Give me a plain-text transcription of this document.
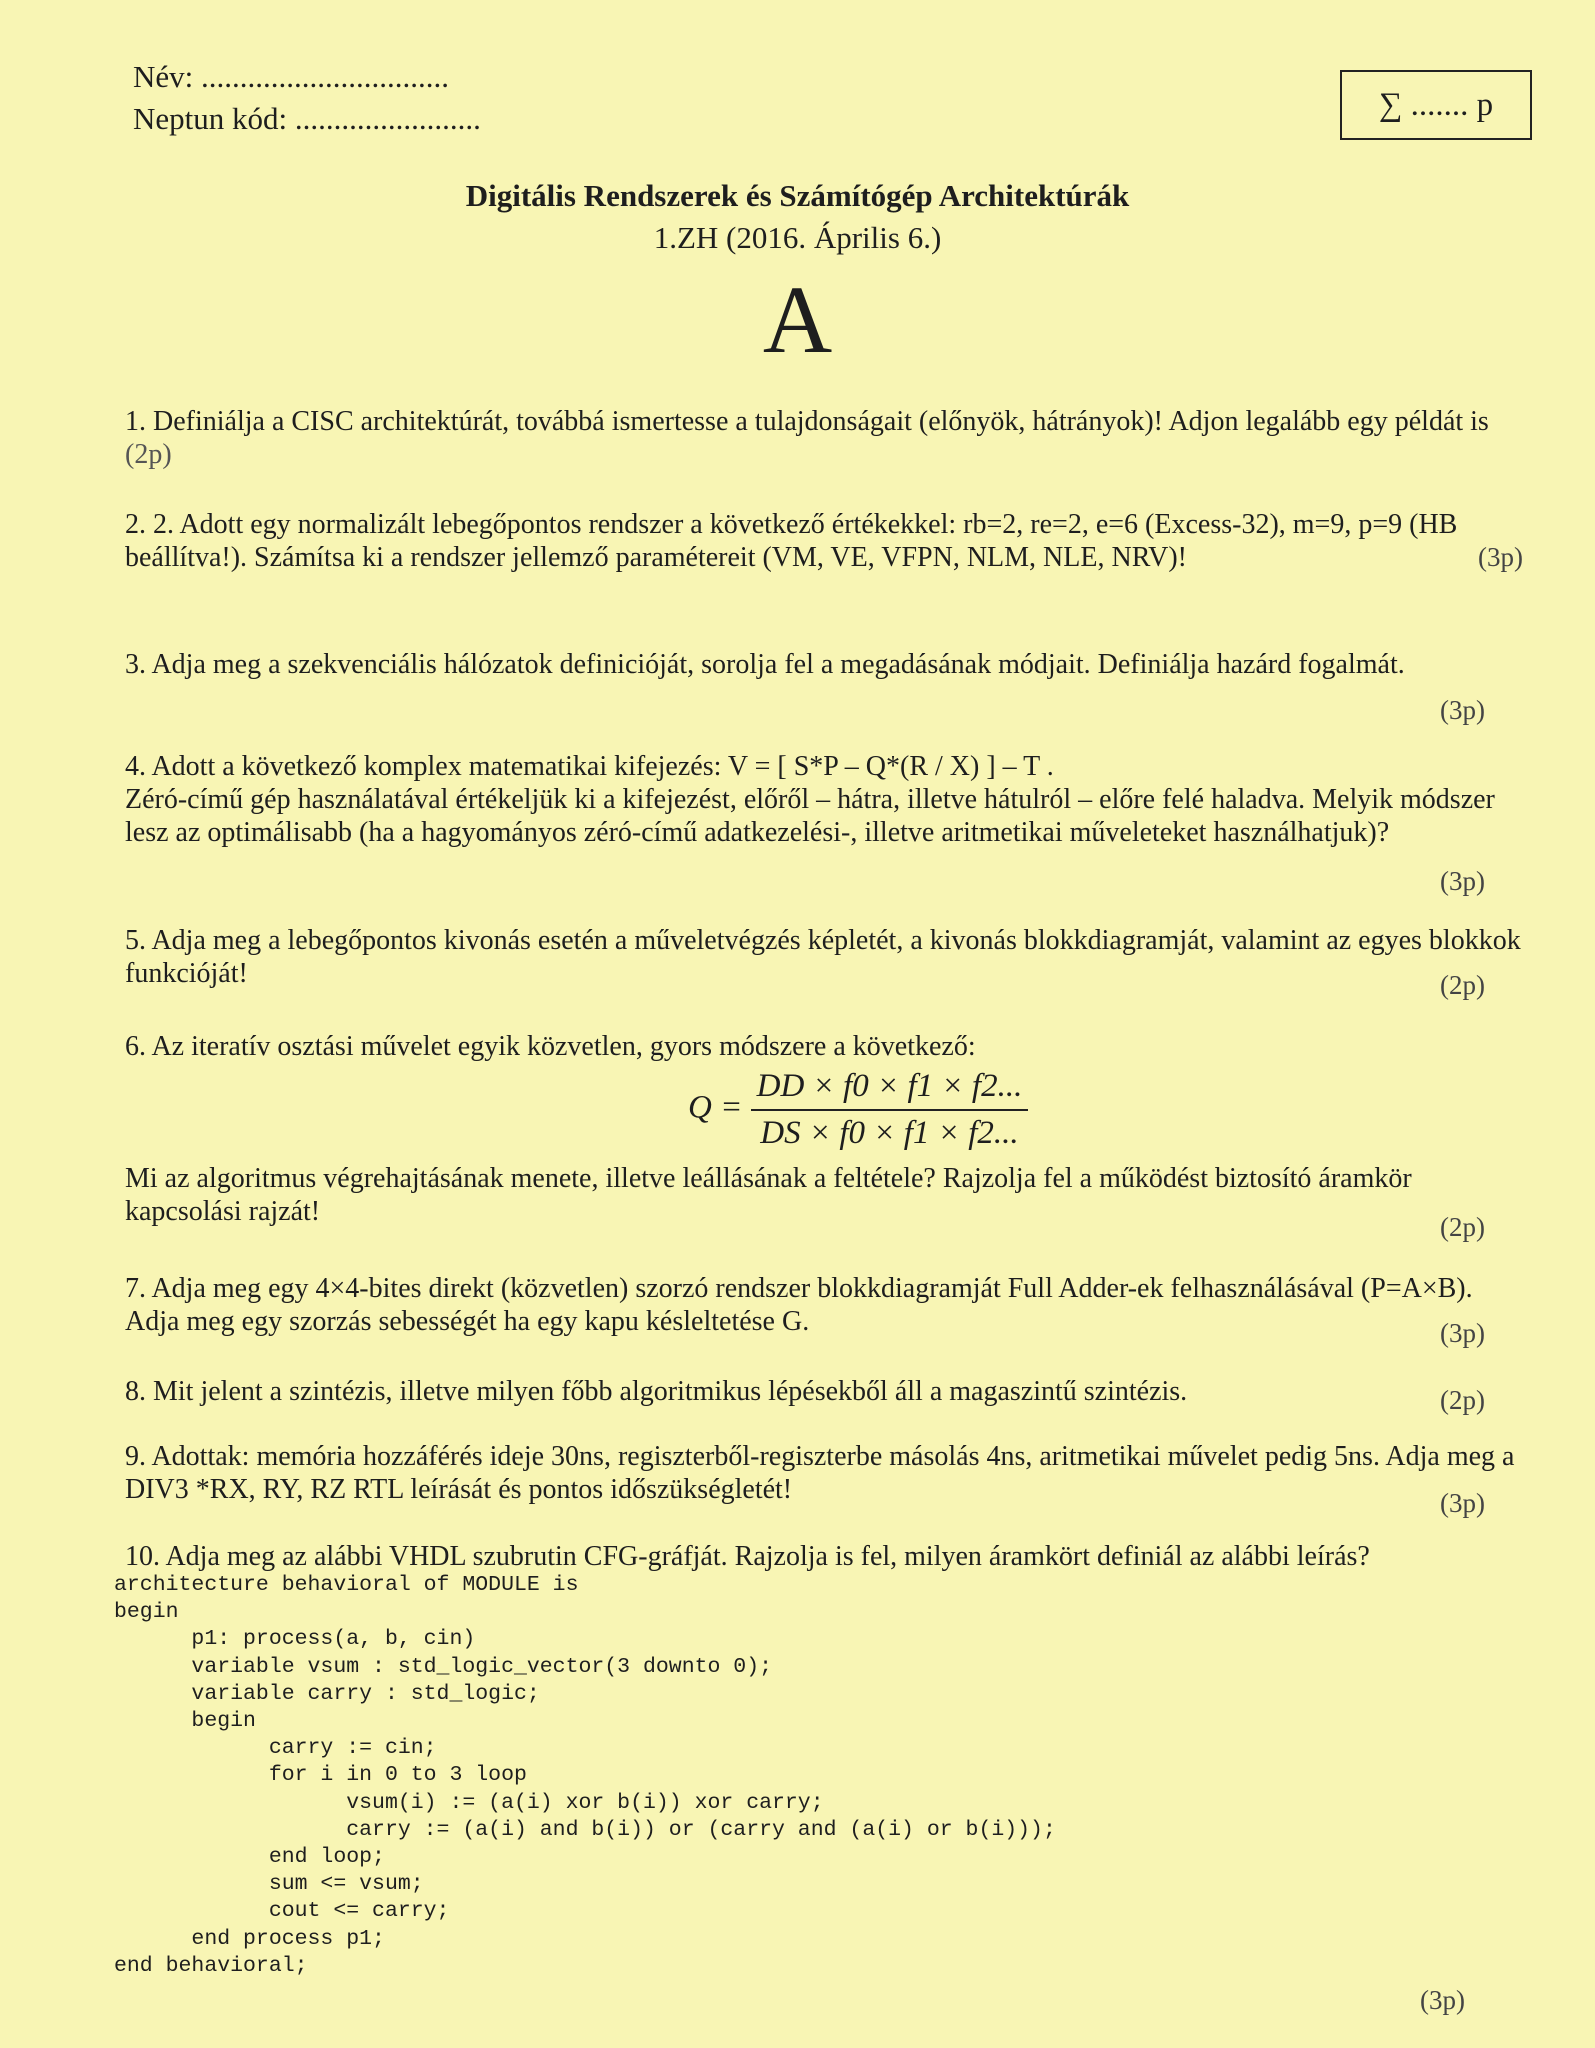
Név: ................................
Neptun kód: ........................	∑ ....... p
Digitális Rendszerek és Számítógép Architektúrák
1.ZH (2016. Április 6.)
A
1. Definiálja a CISC architektúrát, továbbá ismertesse a tulajdonságait (előnyök, hátrányok)! Adjon legalább egy példát is (2p)
2. 2. Adott egy normalizált lebegőpontos rendszer a következő értékekkel: rb=2, re=2, e=6 (Excess-32), m=9, p=9 (HB beállítva!). Számítsa ki a rendszer jellemző paramétereit (VM, VE, VFPN, NLM, NLE, NRV)!	(3p)
3. Adja meg a szekvenciális hálózatok definicióját, sorolja fel a megadásának módjait. Definiálja hazárd fogalmát.
(3p)
4. Adott a következő komplex matematikai kifejezés: V = [ S*P – Q*(R / X) ] – T .
Zéró-című gép használatával értékeljük ki a kifejezést, előről – hátra, illetve hátulról – előre felé haladva. Melyik módszer lesz az optimálisabb (ha a hagyományos zéró-című adatkezelési-, illetve aritmetikai műveleteket használhatjuk)?
(3p)
5. Adja meg a lebegőpontos kivonás esetén a műveletvégzés képletét, a kivonás blokkdiagramját, valamint az egyes blokkok funkcióját!	(2p)
6. Az iteratív osztási művelet egyik közvetlen, gyors módszere a következő:
$Q = \frac{DD \times f0 \times f1 \times f2...}{DS \times f0 \times f1 \times f2...}$
Mi az algoritmus végrehajtásának menete, illetve leállásának a feltétele? Rajzolja fel a működést biztosító áramkör kapcsolási rajzát!	(2p)
7. Adja meg egy 4×4-bites direkt (közvetlen) szorzó rendszer blokkdiagramját Full Adder-ek felhasználásával (P=A×B). Adja meg egy szorzás sebességét ha egy kapu késleltetése G.	(3p)
8. Mit jelent a szintézis, illetve milyen főbb algoritmikus lépésekből áll a magaszintű szintézis.	(2p)
9. Adottak: memória hozzáférés ideje 30ns, regiszterből-regiszterbe másolás 4ns, aritmetikai művelet pedig 5ns. Adja meg a DIV3 *RX, RY, RZ RTL leírását és pontos időszükségletét!	(3p)
10. Adja meg az alábbi VHDL szubrutin CFG-gráfját. Rajzolja is fel, milyen áramkört definiál az alábbi leírás?
architecture behavioral of MODULE is
begin
p1: process(a, b, cin)
variable vsum : std_logic_vector(3 downto 0);
variable carry : std_logic;
begin
carry := cin;
for i in 0 to 3 loop
vsum(i) := (a(i) xor b(i)) xor carry;
carry := (a(i) and b(i)) or (carry and (a(i) or b(i)));
end loop;
sum <= vsum;
cout <= carry;
end process p1;
end behavioral;
(3p)
